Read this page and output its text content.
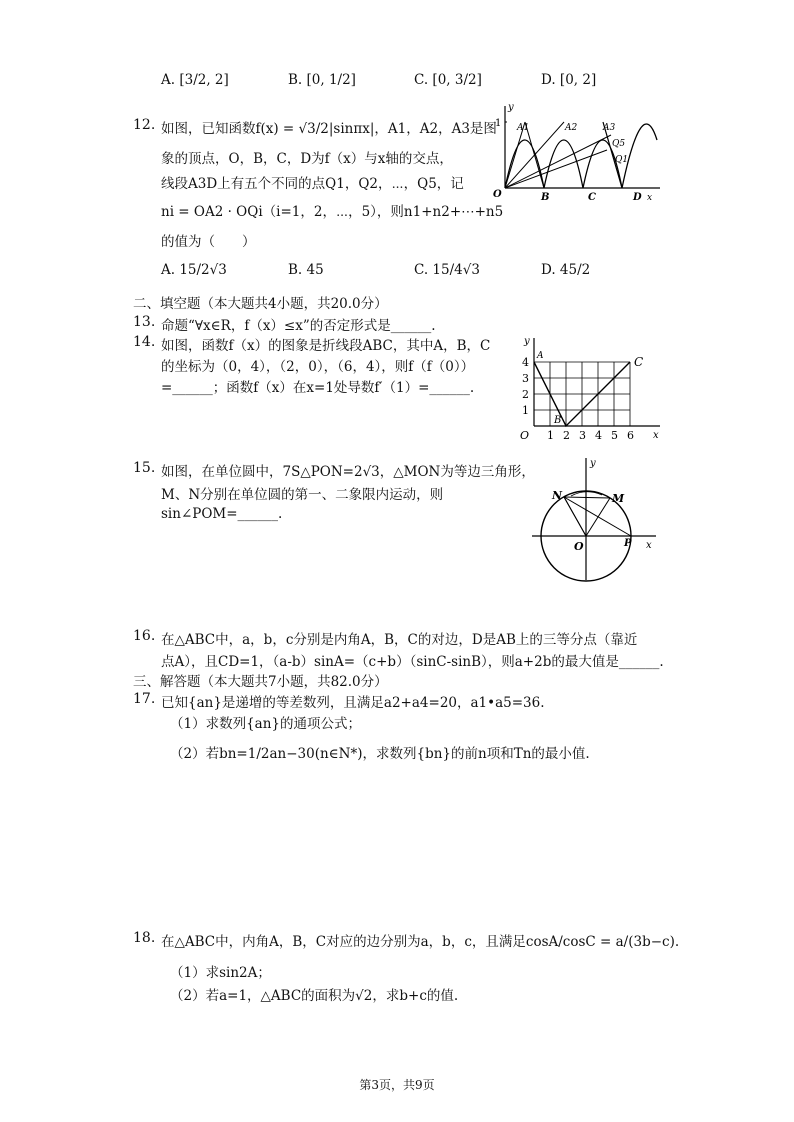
A. [3/2, 2]	B. [0, 1/2]	C. [0, 3/2]	D. [0, 2]
12. 如图，已知函数f(x) = √3/2|sinπx|，A1，A2，A3是图
象的顶点，O，B，C，D为f（x）与x轴的交点，
线段A3D上有五个不同的点Q1，Q2，⋯，Q5，记
ni = OA2 · OQi（i=1，2，⋯，5），则n1+n2+⋯+n5
的值为（　　）
A. 15/2√3	B. 45	C. 15/4√3	D. 45/2
y
1
O
A1	A2	A3
Q5
Q1
B	C	D x
二、填空题（本大题共4小题，共20.0分）
13. 命题“∀x∈R，f（x）≤x”的否定形式是______.
14. 如图，函数f（x）的图象是折线段ABC，其中A，B，C
的坐标为（0，4），（2，0），（6，4），则f（f（0））
=______；函数f（x）在x=1处导数f′（1）=______.
y
A	C
B
4
3
2
1
O 1 2 3 4 5 6 x
15. 如图，在单位圆中，7S△PON=2√3，△MON为等边三角形，
M、N分别在单位圆的第一、二象限内运动，则
sin∠POM=______.
y
N	M
O	P x
16. 在△ABC中，a，b，c分别是内角A，B，C的对边，D是AB上的三等分点（靠近
点A），且CD=1，（a-b）sinA=（c+b）（sinC-sinB），则a+2b的最大值是______.
三、解答题（本大题共7小题，共82.0分）
17. 已知{an}是递增的等差数列，且满足a2+a4=20，a1•a5=36.
（1）求数列{an}的通项公式；
（2）若bn=1/2an−30(n∈N*)，求数列{bn}的前n项和Tn的最小值.
18. 在△ABC中，内角A，B，C对应的边分别为a，b，c，且满足cosA/cosC = a/(3b−c).
（1）求sin2A；
（2）若a=1，△ABC的面积为√2，求b+c的值.
第3页，共9页
